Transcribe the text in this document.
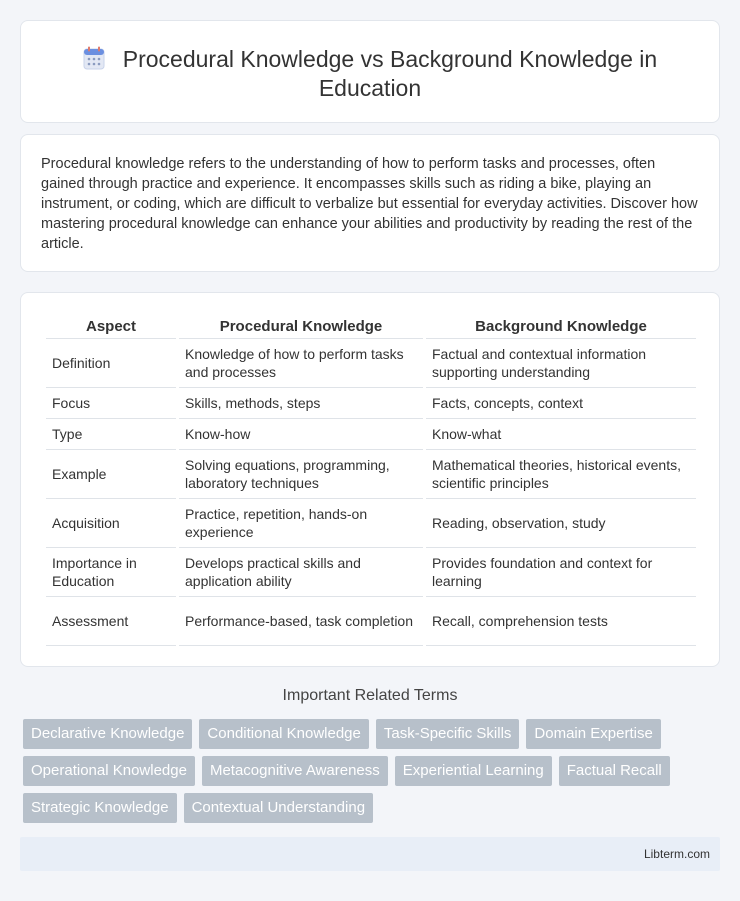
Procedural Knowledge vs Background Knowledge in Education

Procedural knowledge refers to the understanding of how to perform tasks and processes, often gained through practice and experience. It encompasses skills such as riding a bike, playing an instrument, or coding, which are difficult to verbalize but essential for everyday activities. Discover how mastering procedural knowledge can enhance your abilities and productivity by reading the rest of the article.

Aspect	Procedural Knowledge	Background Knowledge
Definition	Knowledge of how to perform tasks and processes	Factual and contextual information supporting understanding
Focus	Skills, methods, steps	Facts, concepts, context
Type	Know-how	Know-what
Example	Solving equations, programming, laboratory techniques	Mathematical theories, historical events, scientific principles
Acquisition	Practice, repetition, hands-on experience	Reading, observation, study
Importance in Education	Develops practical skills and application ability	Provides foundation and context for learning
Assessment	Performance-based, task completion	Recall, comprehension tests
Important Related Terms
Declarative Knowledge	Conditional Knowledge	Task-Specific Skills	Domain Expertise
Operational Knowledge	Metacognitive Awareness	Experiential Learning	Factual Recall
Strategic Knowledge	Contextual Understanding
Libterm.com
